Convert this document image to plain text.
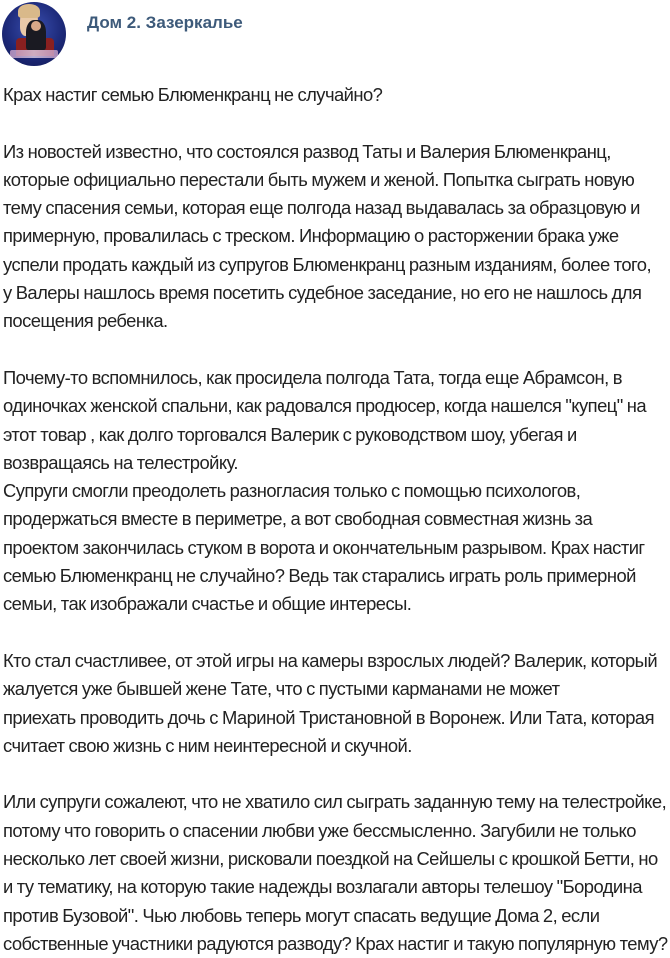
Дом 2. Зазеркалье

Крах настиг семью Блюменкранц не случайно?

Из новостей известно, что состоялся развод Таты и Валерия Блюменкранц,

которые официально перестали быть мужем и женой. Попытка сыграть новую

тему спасения семьи, которая еще полгода назад выдавалась за образцовую и

примерную, провалилась с треском. Информацию о расторжении брака уже

успели продать каждый из супругов Блюменкранц разным изданиям, более того,

у Валеры нашлось время посетить судебное заседание, но его не нашлось для

посещения ребенка.

Почему-то вспомнилось, как просидела полгода Тата, тогда еще Абрамсон, в

одиночках женской спальни, как радовался продюсер, когда нашелся "купец" на

этот товар , как долго торговался Валерик с руководством шоу, убегая и

возвращаясь на телестройку.

Супруги смогли преодолеть разногласия только с помощью психологов,

продержаться вместе в периметре, а вот свободная совместная жизнь за

проектом закончилась стуком в ворота и окончательным разрывом. Крах настиг

семью Блюменкранц не случайно? Ведь так старались играть роль примерной

семьи, так изображали счастье и общие интересы.

Кто стал счастливее, от этой игры на камеры взрослых людей? Валерик, который

жалуется уже бывшей жене Тате, что с пустыми карманами не может

приехать проводить дочь с Мариной Тристановной в Воронеж. Или Тата, которая

считает свою жизнь с ним неинтересной и скучной.

Или супруги сожалеют, что не хватило сил сыграть заданную тему на телестройке,

потому что говорить о спасении любви уже бессмысленно. Загубили не только

несколько лет своей жизни, рисковали поездкой на Сейшелы с крошкой Бетти, но

и ту тематику, на которую такие надежды возлагали авторы телешоу "Бородина

против Бузовой". Чью любовь теперь могут спасать ведущие Дома 2, если

собственные участники радуются разводу? Крах настиг и такую популярную тему?
